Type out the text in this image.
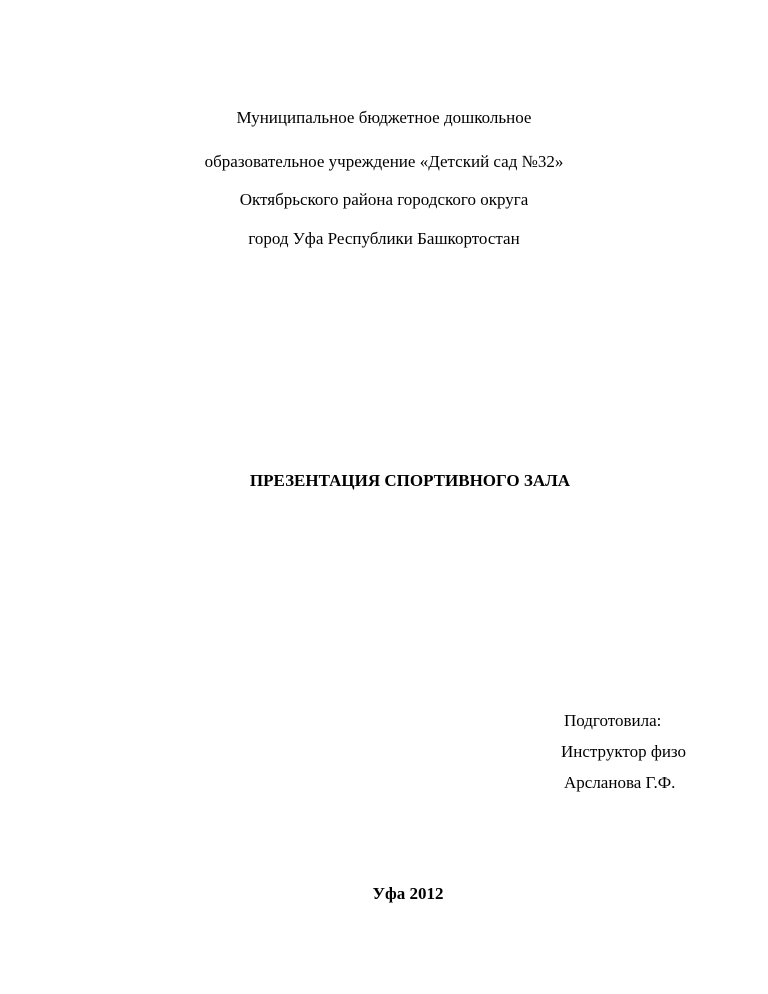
Муниципальное бюджетное дошкольное
образовательное учреждение «Детский сад №32»
Октябрьского района городского округа
город Уфа Республики Башкортостан
ПРЕЗЕНТАЦИЯ СПОРТИВНОГО ЗАЛА
Подготовила:
Инструктор физо
Арсланова Г.Ф.
Уфа 2012
